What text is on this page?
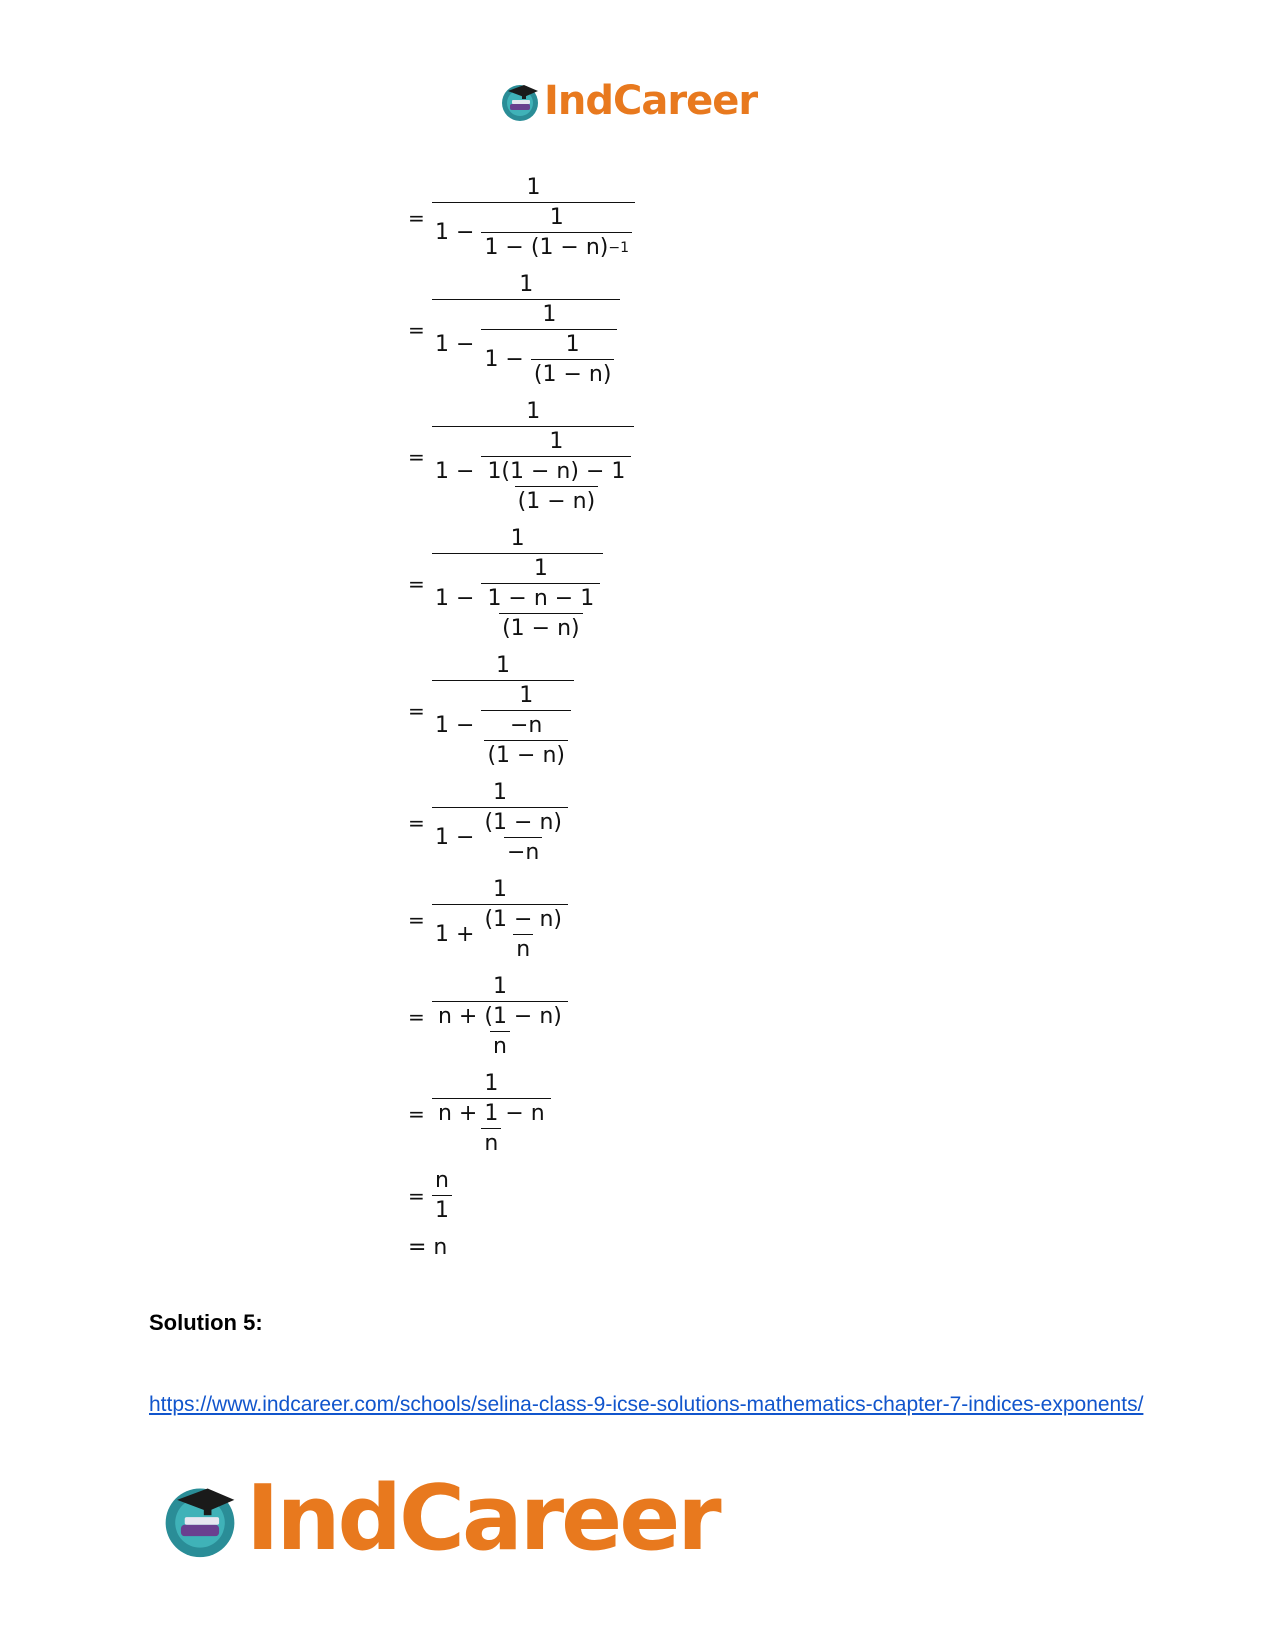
IndCareer
= 1
1 −
$\frac{1}{1 - (1 - n) -1}$
=
1
1 −
1
1 −
$\frac{1}{(1 - n)}$
=
1
1 −
$\frac{1}{\frac{1(1 - n) - 1}{(1 - n)}}$
=
1
1 −
$\frac{1}{\frac{1 - n - 1}{(1 - n)}}$
=
1
1 −
$\frac{1}{\frac{-n}{(1 - n)}}$
= 1
1 −
$\frac{(1 - n)}{-n}$
= 1
1 +
$\frac{(1 - n)}{n}$
= $\frac{1}{\frac{n + (1 - n)}{n}}$
= $\frac{1}{\frac{n + 1 - n}{n}}$
= $\frac{n}{1}$
= n
Solution 5:
https://www.indcareer.com/schools/selina-class-9-icse-solutions-mathematics-chapter-7-indices-exponents/
IndCareer
